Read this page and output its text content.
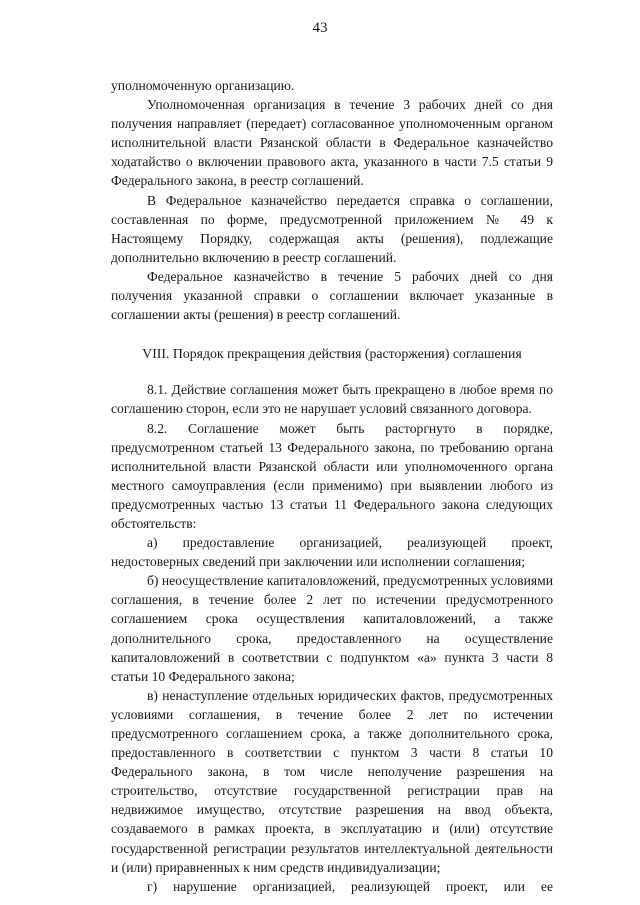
43

уполномоченную организацию.

Уполномоченная организация в течение 3 рабочих дней со дня получения направляет (передает) согласованное уполномоченным органом исполнительной власти Рязанской области в Федеральное казначейство ходатайство о включении правового акта, указанного в части 7.5 статьи 9 Федерального закона, в реестр соглашений.

В Федеральное казначейство передается справка о соглашении, составленная по форме, предусмотренной приложением № 49 к Настоящему Порядку, содержащая акты (решения), подлежащие дополнительно включению в реестр соглашений.

Федеральное казначейство в течение 5 рабочих дней со дня получения указанной справки о соглашении включает указанные в соглашении акты (решения) в реестр соглашений.

VIII. Порядок прекращения действия (расторжения) соглашения

8.1. Действие соглашения может быть прекращено в любое время по соглашению сторон, если это не нарушает условий связанного договора.

8.2. Соглашение может быть расторгнуто в порядке, предусмотренном статьей 13 Федерального закона, по требованию органа исполнительной власти Рязанской области или уполномоченного органа местного самоуправления (если применимо) при выявлении любого из предусмотренных частью 13 статьи 11 Федерального закона следующих обстоятельств:

а) предоставление организацией, реализующей проект, недостоверных сведений при заключении или исполнении соглашения;

б) неосуществление капиталовложений, предусмотренных условиями соглашения, в течение более 2 лет по истечении предусмотренного соглашением срока осуществления капиталовложений, а также дополнительного срока, предоставленного на осуществление капиталовложений в соответствии с подпунктом «а» пункта 3 части 8 статьи 10 Федерального закона;

в) ненаступление отдельных юридических фактов, предусмотренных условиями соглашения, в течение более 2 лет по истечении предусмотренного соглашением срока, а также дополнительного срока, предоставленного в соответствии с пунктом 3 части 8 статьи 10 Федерального закона, в том числе неполучение разрешения на строительство, отсутствие государственной регистрации прав на недвижимое имущество, отсутствие разрешения на ввод объекта, создаваемого в рамках проекта, в эксплуатацию и (или) отсутствие государственной регистрации результатов интеллектуальной деятельности и (или) приравненных к ним средств индивидуализации;

г) нарушение организацией, реализующей проект, или ее
